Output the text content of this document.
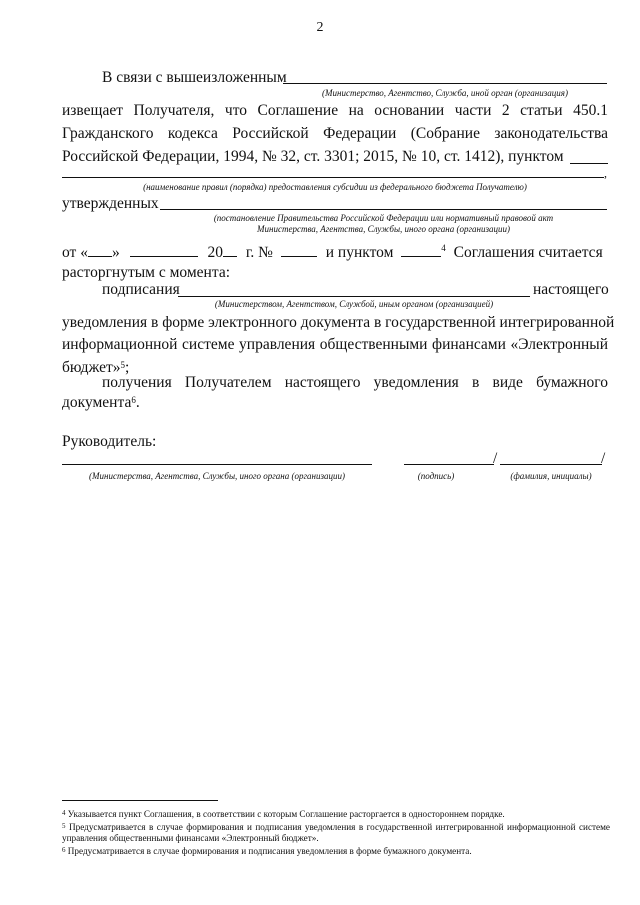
2
В связи с вышеизложенным
(Министерство, Агентство, Служба, иной орган (организация)
извещает Получателя, что Соглашение на основании части 2 статьи 450.1
Гражданского кодекса Российской Федерации (Собрание законодательства
Российской Федерации, 1994, № 32, ст. 3301; 2015, № 10, ст. 1412), пунктом
,
(наименование правил (порядка) предоставления субсидии из федерального бюджета Получателю)
утвержденных
(постановление Правительства Российской Федерации или нормативный правовой акт
Министерства, Агентства, Службы, иного органа (организации)
от « »	20 г. №	и пунктом	$^4$ Соглашения считается
расторгнутым с момента:
подписания	настоящего
(Министерством, Агентством, Службой, иным органом (организацией)
уведомления в форме электронного документа в государственной интегрированной
информационной системе управления общественными финансами «Электронный
бюджет»$^5$;
получения Получателем настоящего уведомления в виде бумажного
документа$^6$.
Руководитель:
(Министерства, Агентства, Службы, иного органа (организации)
/	/
(подпись)	(фамилия, инициалы)
$^4$ Указывается пункт Соглашения, в соответствии с которым Соглашение расторгается в одностороннем порядке.
$^5$ Предусматривается в случае формирования и подписания уведомления в государственной интегрированной информационной системе управления общественными финансами «Электронный бюджет».
$^6$ Предусматривается в случае формирования и подписания уведомления в форме бумажного документа.
